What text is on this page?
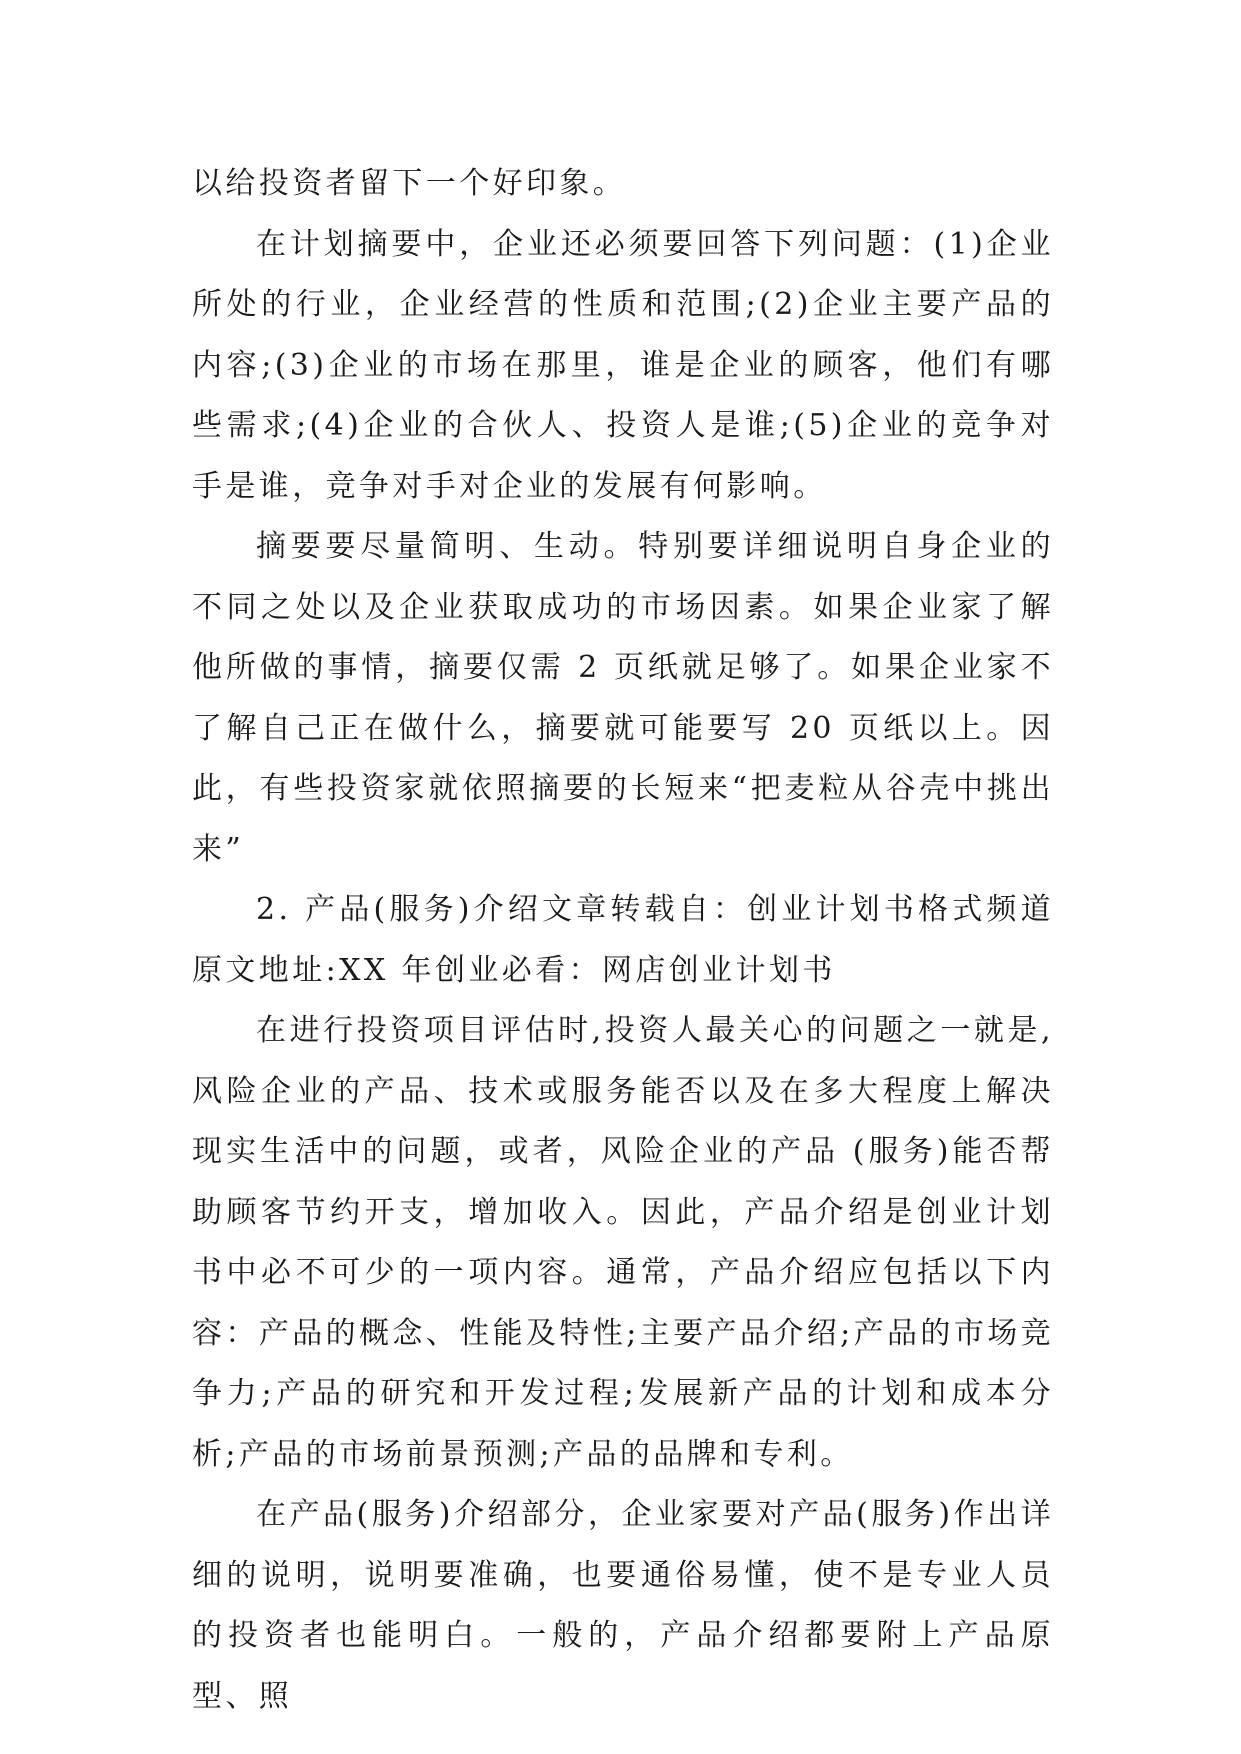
以给投资者留下一个好印象。

在计划摘要中，企业还必须要回答下列问题：(1)企业所处的行业，企业经营的性质和范围;(2)企业主要产品的内容;(3)企业的市场在那里，谁是企业的顾客，他们有哪些需求;(4)企业的合伙人、投资人是谁;(5)企业的竞争对手是谁，竞争对手对企业的发展有何影响。

摘要要尽量简明、生动。特别要详细说明自身企业的不同之处以及企业获取成功的市场因素。如果企业家了解他所做的事情，摘要仅需 2 页纸就足够了。如果企业家不了解自己正在做什么，摘要就可能要写 20 页纸以上。因此，有些投资家就依照摘要的长短来“把麦粒从谷壳中挑出来”

2. 产品(服务)介绍文章转载自：创业计划书格式频道 原文地址:XX 年创业必看：网店创业计划书

在进行投资项目评估时,投资人最关心的问题之一就是,风险企业的产品、技术或服务能否以及在多大程度上解决现实生活中的问题，或者，风险企业的产品 (服务)能否帮助顾客节约开支，增加收入。因此，产品介绍是创业计划书中必不可少的一项内容。通常，产品介绍应包括以下内容：产品的概念、性能及特性;主要产品介绍;产品的市场竞争力;产品的研究和开发过程;发展新产品的计划和成本分析;产品的市场前景预测;产品的品牌和专利。

在产品(服务)介绍部分，企业家要对产品(服务)作出详细的说明，说明要准确，也要通俗易懂，使不是专业人员的投资者也能明白。一般的，产品介绍都要附上产品原型、照
